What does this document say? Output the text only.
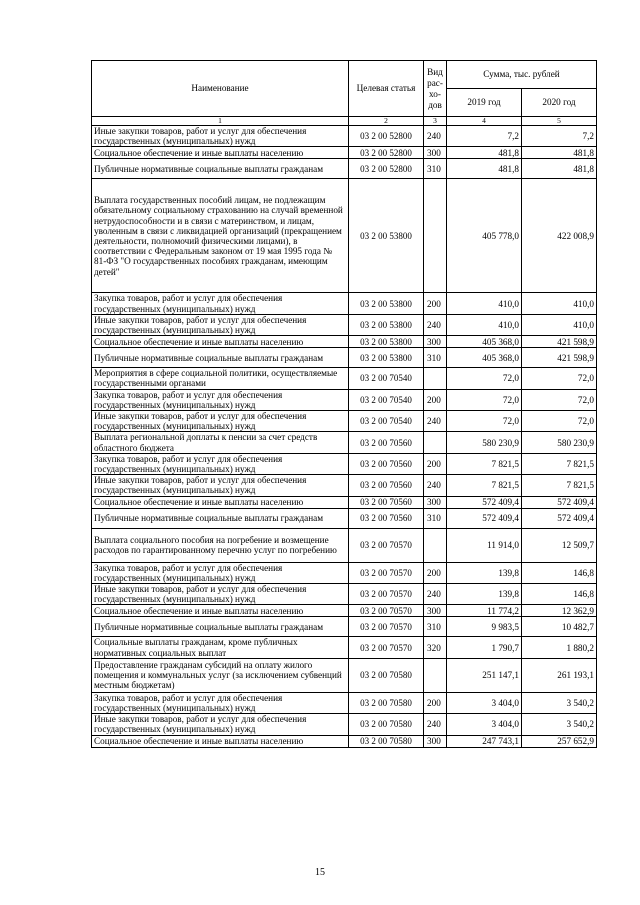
Наименование	Целевая статья	Вид рас-хо-дов	Сумма, тыс. рублей	
			2019 год	2020 год
1	2	3	4	5
Иные закупки товаров, работ и услуг для обеспечения государственных (муниципальных) нужд	03 2 00 52800	240	7,2	7,2
Социальное обеспечение и иные выплаты населению	03 2 00 52800	300	481,8	481,8
Публичные нормативные социальные выплаты гражданам	03 2 00 52800	310	481,8	481,8
Выплата государственных пособий лицам, не подлежащим обязательному социальному страхованию на случай временной нетрудоспособности и в связи с материнством, и лицам, уволенным в связи с ликвидацией организаций (прекращением деятельности, полномочий физическими лицами), в соответствии с Федеральным законом от 19 мая 1995 года № 81-ФЗ "О государственных пособиях гражданам, имеющим детей"	03 2 00 53800		405 778,0	422 008,9
Закупка товаров, работ и услуг для обеспечения государственных (муниципальных) нужд	03 2 00 53800	200	410,0	410,0
Иные закупки товаров, работ и услуг для обеспечения государственных (муниципальных) нужд	03 2 00 53800	240	410,0	410,0
Социальное обеспечение и иные выплаты населению	03 2 00 53800	300	405 368,0	421 598,9
Публичные нормативные социальные выплаты гражданам	03 2 00 53800	310	405 368,0	421 598,9
Мероприятия в сфере социальной политики, осуществляемые государственными органами	03 2 00 70540		72,0	72,0
Закупка товаров, работ и услуг для обеспечения государственных (муниципальных) нужд	03 2 00 70540	200	72,0	72,0
Иные закупки товаров, работ и услуг для обеспечения государственных (муниципальных) нужд	03 2 00 70540	240	72,0	72,0
Выплата региональной доплаты к пенсии за счет средств областного бюджета	03 2 00 70560		580 230,9	580 230,9
Закупка товаров, работ и услуг для обеспечения государственных (муниципальных) нужд	03 2 00 70560	200	7 821,5	7 821,5
Иные закупки товаров, работ и услуг для обеспечения государственных (муниципальных) нужд	03 2 00 70560	240	7 821,5	7 821,5
Социальное обеспечение и иные выплаты населению	03 2 00 70560	300	572 409,4	572 409,4
Публичные нормативные социальные выплаты гражданам	03 2 00 70560	310	572 409,4	572 409,4
Выплата социального пособия на погребение и возмещение расходов по гарантированному перечню услуг по погребению	03 2 00 70570		11 914,0	12 509,7
Закупка товаров, работ и услуг для обеспечения государственных (муниципальных) нужд	03 2 00 70570	200	139,8	146,8
Иные закупки товаров, работ и услуг для обеспечения государственных (муниципальных) нужд	03 2 00 70570	240	139,8	146,8
Социальное обеспечение и иные выплаты населению	03 2 00 70570	300	11 774,2	12 362,9
Публичные нормативные социальные выплаты гражданам	03 2 00 70570	310	9 983,5	10 482,7
Социальные выплаты гражданам, кроме публичных нормативных социальных выплат	03 2 00 70570	320	1 790,7	1 880,2
Предоставление гражданам субсидий на оплату жилого помещения и коммунальных услуг (за исключением субвенций местным бюджетам)	03 2 00 70580		251 147,1	261 193,1
Закупка товаров, работ и услуг для обеспечения государственных (муниципальных) нужд	03 2 00 70580	200	3 404,0	3 540,2
Иные закупки товаров, работ и услуг для обеспечения государственных (муниципальных) нужд	03 2 00 70580	240	3 404,0	3 540,2
Социальное обеспечение и иные выплаты населению	03 2 00 70580	300	247 743,1	257 652,9
15
